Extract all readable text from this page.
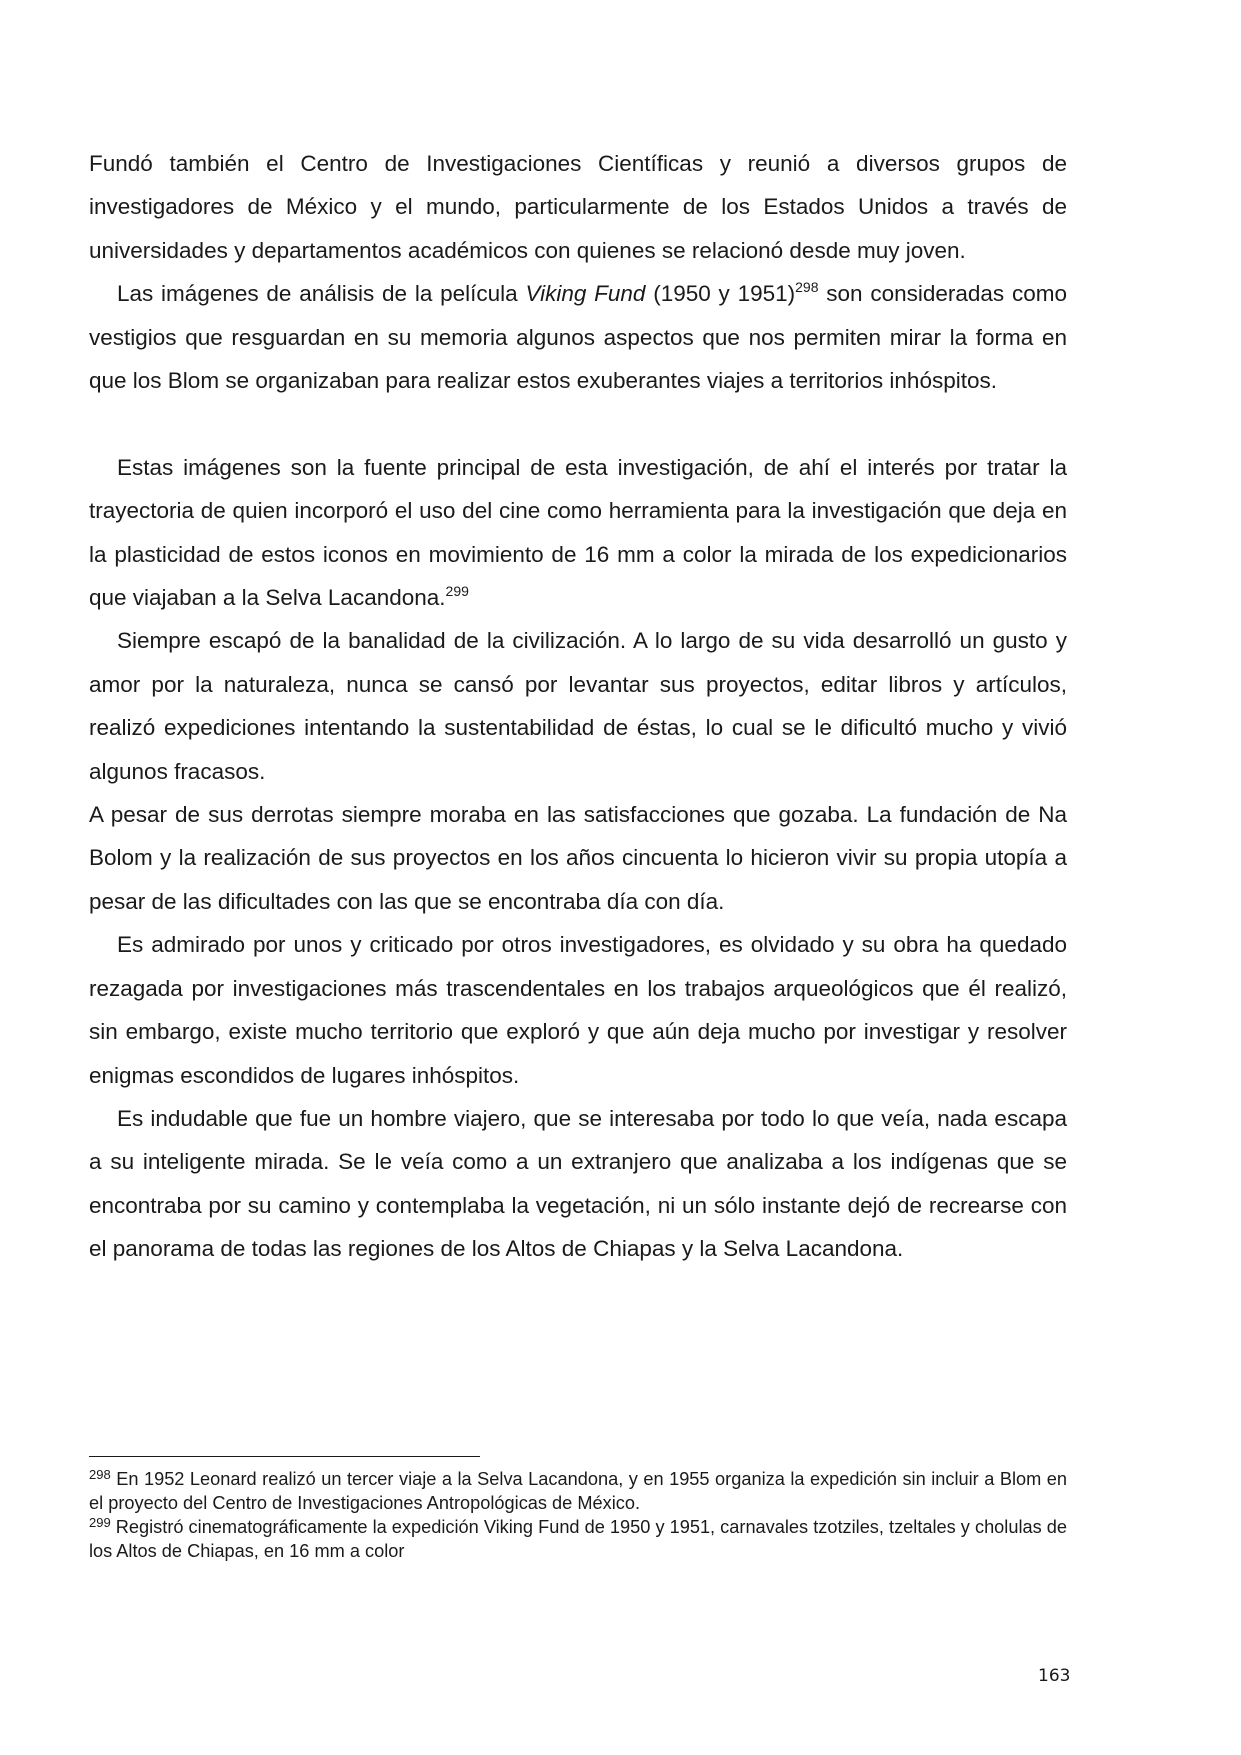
Fundó también el Centro de Investigaciones Científicas y reunió a diversos grupos de investigadores de México y el mundo, particularmente de los Estados Unidos a través de universidades y departamentos académicos con quienes se relacionó desde muy joven.

Las imágenes de análisis de la película Viking Fund (1950 y 1951)$^{298}$ son consideradas como vestigios que resguardan en su memoria algunos aspectos que nos permiten mirar la forma en que los Blom se organizaban para realizar estos exuberantes viajes a territorios inhóspitos.

Estas imágenes son la fuente principal de esta investigación, de ahí el interés por tratar la trayectoria de quien incorporó el uso del cine como herramienta para la investigación que deja en la plasticidad de estos iconos en movimiento de 16 mm a color la mirada de los expedicionarios que viajaban a la Selva Lacandona.$^{299}$

Siempre escapó de la banalidad de la civilización. A lo largo de su vida desarrolló un gusto y amor por la naturaleza, nunca se cansó por levantar sus proyectos, editar libros y artículos, realizó expediciones intentando la sustentabilidad de éstas, lo cual se le dificultó mucho y vivió algunos fracasos.

A pesar de sus derrotas siempre moraba en las satisfacciones que gozaba. La fundación de Na Bolom y la realización de sus proyectos en los años cincuenta lo hicieron vivir su propia utopía a pesar de las dificultades con las que se encontraba día con día.

Es admirado por unos y criticado por otros investigadores, es olvidado y su obra ha quedado rezagada por investigaciones más trascendentales en los trabajos arqueológicos que él realizó, sin embargo, existe mucho territorio que exploró y que aún deja mucho por investigar y resolver enigmas escondidos de lugares inhóspitos.

Es indudable que fue un hombre viajero, que se interesaba por todo lo que veía, nada escapa a su inteligente mirada. Se le veía como a un extranjero que analizaba a los indígenas que se encontraba por su camino y contemplaba la vegetación, ni un sólo instante dejó de recrearse con el panorama de todas las regiones de los Altos de Chiapas y la Selva Lacandona.

$^{298}$ En 1952 Leonard realizó un tercer viaje a la Selva Lacandona, y en 1955 organiza la expedición sin incluir a Blom en el proyecto del Centro de Investigaciones Antropológicas de México.

$^{299}$ Registró cinematográficamente la expedición Viking Fund de 1950 y 1951, carnavales tzotziles, tzeltales y cholulas de los Altos de Chiapas, en 16 mm a color

163
